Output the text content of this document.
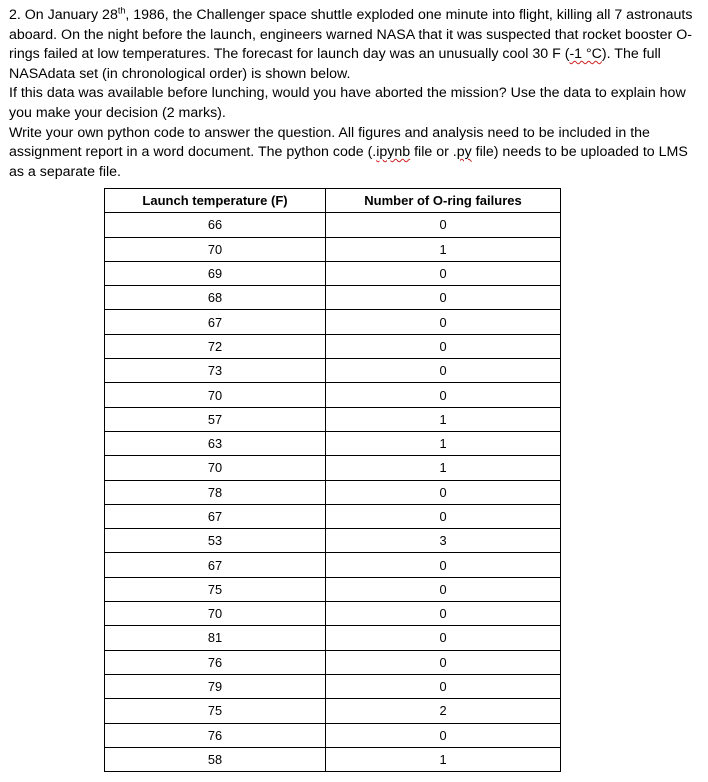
2. On January 28th, 1986, the Challenger space shuttle exploded one minute into flight, killing all 7 astronauts aboard. On the night before the launch, engineers warned NASA that it was suspected that rocket booster O-rings failed at low temperatures. The forecast for launch day was an unusually cool 30 F (-1 °C). The full NASAdata set (in chronological order) is shown below.

If this data was available before lunching, would you have aborted the mission? Use the data to explain how you make your decision (2 marks).

Write your own python code to answer the question. All figures and analysis need to be included in the assignment report in a word document. The python code (.ipynb file or .py file) needs to be uploaded to LMS as a separate file.

Launch temperature (F)	Number of O-ring failures
66	0
70	1
69	0
68	0
67	0
72	0
73	0
70	0
57	1
63	1
70	1
78	0
67	0
53	3
67	0
75	0
70	0
81	0
76	0
79	0
75	2
76	0
58	1
